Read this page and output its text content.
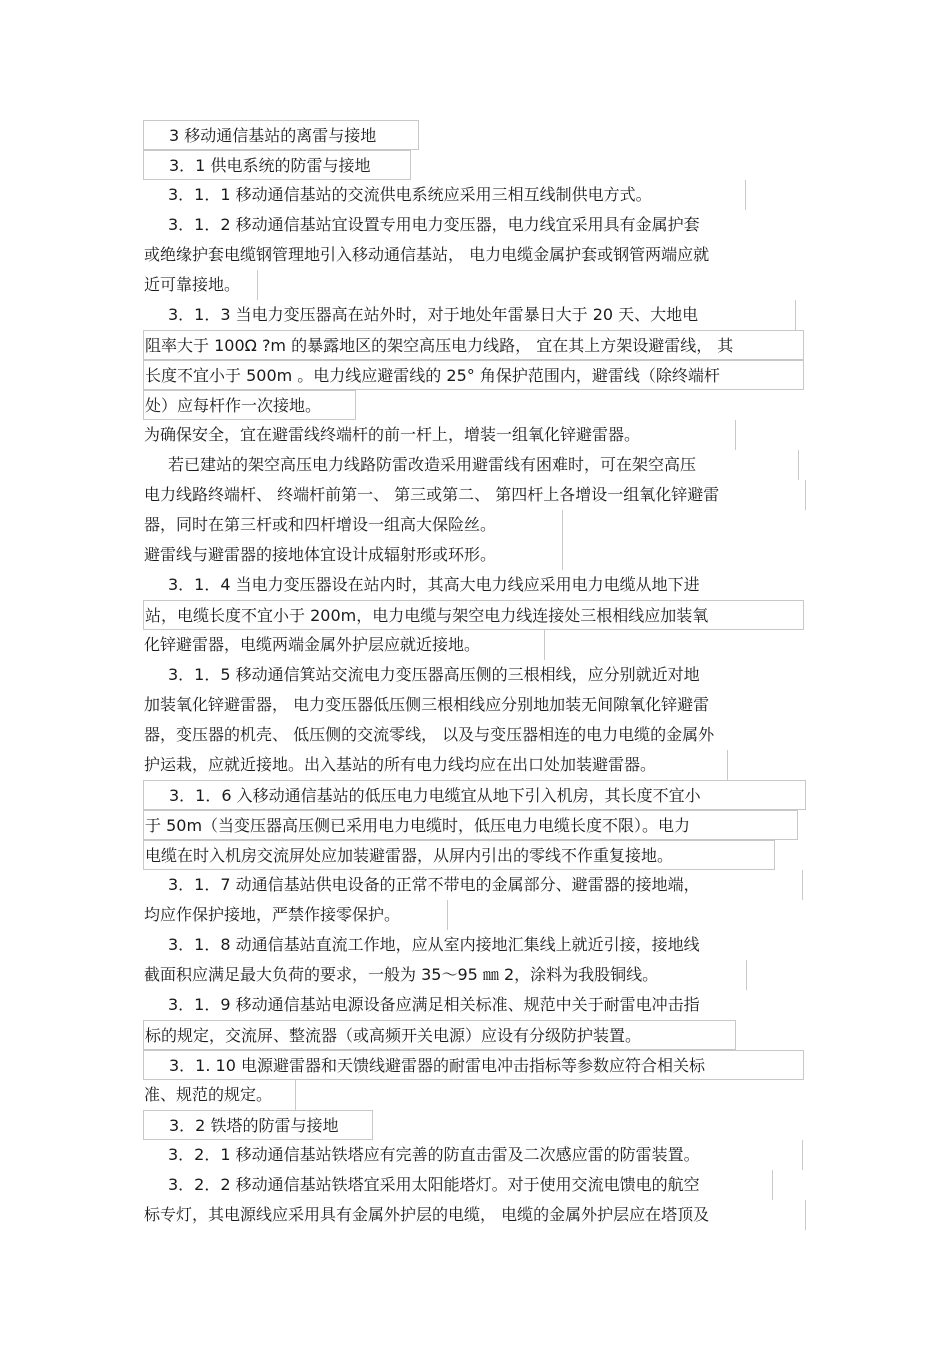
3 移动通信基站的离雷与接地
3．1 供电系统的防雷与接地
3．1．1 移动通信基站的交流供电系统应采用三相互线制供电方式。
3．1．2 移动通信基站宜设置专用电力变压器，电力线宜采用具有金属护套
或绝缘护套电缆钢管理地引入移动通信基站， 电力电缆金属护套或钢管两端应就
近可靠接地。
3．1．3 当电力变压器高在站外时，对于地处年雷暴日大于 20 天、大地电
阻率大于 100Ω ?m 的暴露地区的架空高压电力线路， 宜在其上方架设避雷线， 其
长度不宜小于 500m 。电力线应避雷线的 25° 角保护范围内，避雷线（除终端杆
处）应每杆作一次接地。
为确保安全，宜在避雷线终端杆的前一杆上，增装一组氧化锌避雷器。
若已建站的架空高压电力线路防雷改造采用避雷线有困难时，可在架空高压
电力线路终端杆、 终端杆前第一、 第三或第二、 第四杆上各增设一组氧化锌避雷
器，同时在第三杆或和四杆增设一组高大保险丝。
避雷线与避雷器的接地体宜设计成辐射形或环形。
3．1．4 当电力变压器设在站内时，其高大电力线应采用电力电缆从地下进
站，电缆长度不宜小于 200m，电力电缆与架空电力线连接处三根相线应加装氧
化锌避雷器，电缆两端金属外护层应就近接地。
3．1．5 移动通信箕站交流电力变压器高压侧的三根相线，应分别就近对地
加装氧化锌避雷器， 电力变压器低压侧三根相线应分别地加装无间隙氧化锌避雷
器，变压器的机壳、 低压侧的交流零线， 以及与变压器相连的电力电缆的金属外
护运栽，应就近接地。出入基站的所有电力线均应在出口处加装避雷器。
3．1．6 入移动通信基站的低压电力电缆宜从地下引入机房，其长度不宜小
于 50m（当变压器高压侧已采用电力电缆时，低压电力电缆长度不限）。电力
电缆在时入机房交流屏处应加装避雷器，从屏内引出的零线不作重复接地。
3．1．7 动通信基站供电设备的正常不带电的金属部分、避雷器的接地端，
均应作保护接地，严禁作接零保护。
3．1．8 动通信基站直流工作地，应从室内接地汇集线上就近引接，接地线
截面积应满足最大负荷的要求，一般为 35～95 ㎜ 2，涂料为我股铜线。
3．1．9 移动通信基站电源设备应满足相关标准、规范中关于耐雷电冲击指
标的规定，交流屏、整流器（或高频开关电源）应设有分级防护装置。
3．1. 10 电源避雷器和天馈线避雷器的耐雷电冲击指标等参数应符合相关标
准、规范的规定。
3．2 铁塔的防雷与接地
3．2．1 移动通信基站铁塔应有完善的防直击雷及二次感应雷的防雷装置。
3．2．2 移动通信基站铁塔宜采用太阳能塔灯。对于使用交流电馈电的航空
标专灯，其电源线应采用具有金属外护层的电缆， 电缆的金属外护层应在塔顶及
